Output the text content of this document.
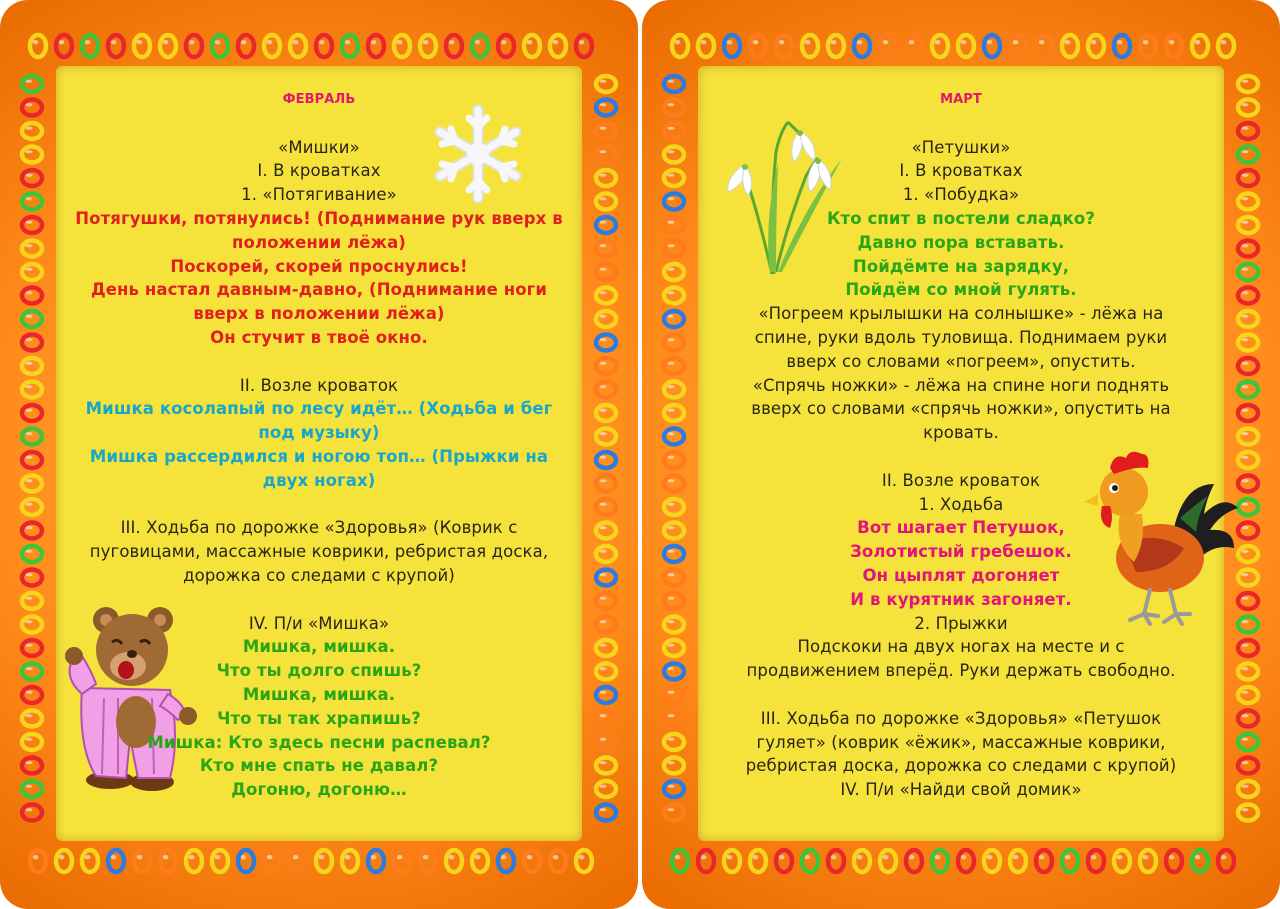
ФЕВРАЛЬ
«Мишки»
I. В кроватках
1. «Потягивание»
Потягушки, потянулись! (Поднимание рук вверх в
положении лёжа)
Поскорей, скорей проснулись!
День настал давным-давно, (Поднимание ноги
вверх в положении лёжа)
Он стучит в твоё окно.
II. Возле кроваток
Мишка косолапый по лесу идёт… (Ходьба и бег
под музыку)
Мишка рассердился и ногою топ… (Прыжки на
двух ногах)
III. Ходьба по дорожке «Здоровья» (Коврик с
пуговицами, массажные коврики, ребристая доска,
дорожка со следами с крупой)
IV. П/и «Мишка»
Мишка, мишка.
Что ты долго спишь?
Мишка, мишка.
Что ты так храпишь?
Мишка: Кто здесь песни распевал?
Кто мне спать не давал?
Догоню, догоню…
МАРТ
«Петушки»
I. В кроватках
1. «Побудка»
Кто спит в постели сладко?
Давно пора вставать.
Пойдёмте на зарядку,
Пойдём со мной гулять.
«Погреем крылышки на солнышке» - лёжа на
спине, руки вдоль туловища. Поднимаем руки
вверх со словами «погреем», опустить.
«Спрячь ножки» - лёжа на спине ноги поднять
вверх со словами «спрячь ножки», опустить на
кровать.
II. Возле кроваток
1. Ходьба
Вот шагает Петушок,
Золотистый гребешок.
Он цыплят догоняет
И в курятник загоняет.
2. Прыжки
Подскоки на двух ногах на месте и с
продвижением вперёд. Руки держать свободно.
III. Ходьба по дорожке «Здоровья» «Петушок
гуляет» (коврик «ёжик», массажные коврики,
ребристая доска, дорожка со следами с крупой)
IV. П/и «Найди свой домик»
